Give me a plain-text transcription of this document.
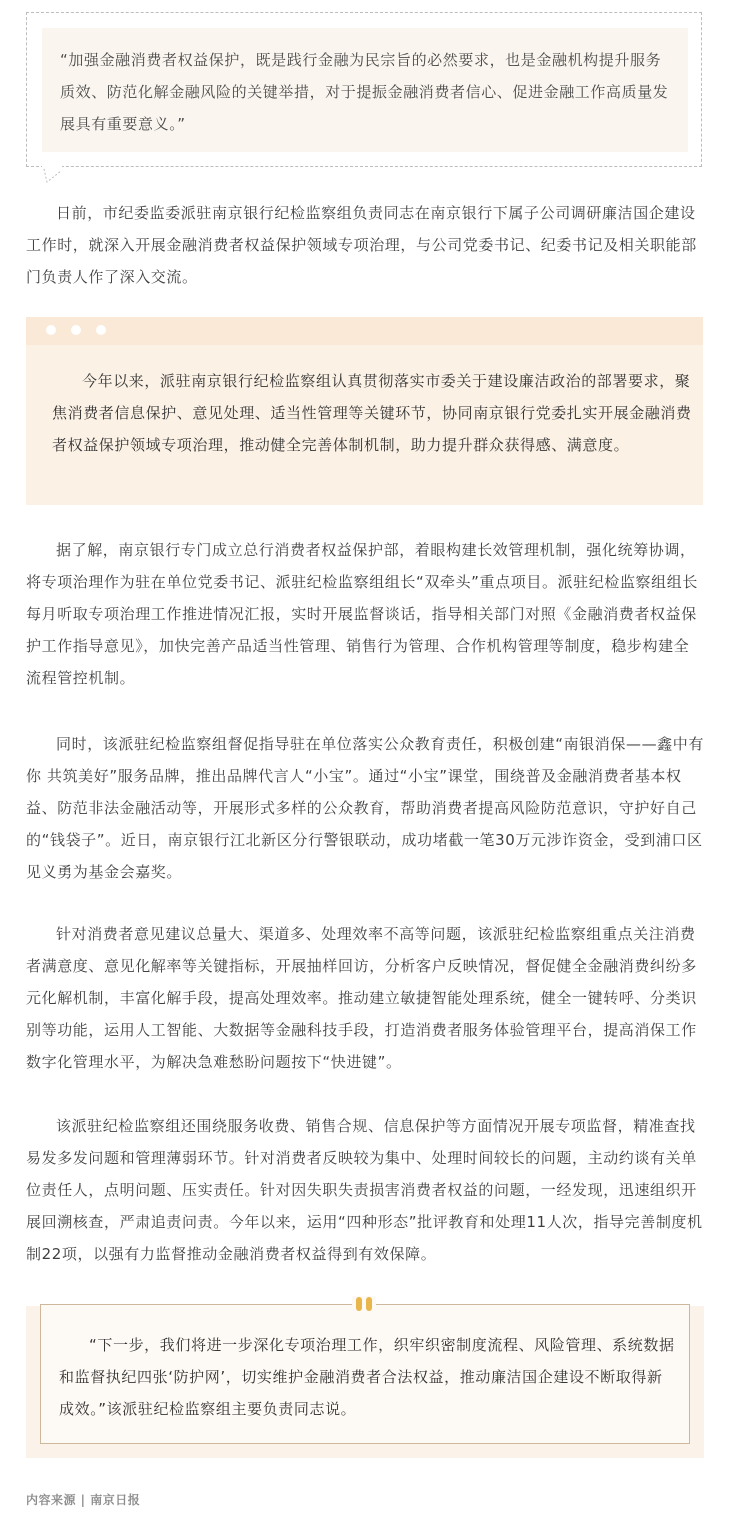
“加强金融消费者权益保护，既是践行金融为民宗旨的必然要求，也是金融机构提升服务质效、防范化解金融风险的关键举措，对于提振金融消费者信心、促进金融工作高质量发展具有重要意义。”

日前，市纪委监委派驻南京银行纪检监察组负责同志在南京银行下属子公司调研廉洁国企建设工作时，就深入开展金融消费者权益保护领域专项治理，与公司党委书记、纪委书记及相关职能部门负责人作了深入交流。

今年以来，派驻南京银行纪检监察组认真贯彻落实市委关于建设廉洁政治的部署要求，聚焦消费者信息保护、意见处理、适当性管理等关键环节，协同南京银行党委扎实开展金融消费者权益保护领域专项治理，推动健全完善体制机制，助力提升群众获得感、满意度。

据了解，南京银行专门成立总行消费者权益保护部，着眼构建长效管理机制，强化统筹协调，将专项治理作为驻在单位党委书记、派驻纪检监察组组长“双牵头”重点项目。派驻纪检监察组组长每月听取专项治理工作推进情况汇报，实时开展监督谈话，指导相关部门对照《金融消费者权益保护工作指导意见》，加快完善产品适当性管理、销售行为管理、合作机构管理等制度，稳步构建全流程管控机制。

同时，该派驻纪检监察组督促指导驻在单位落实公众教育责任，积极创建“南银消保——鑫中有你 共筑美好”服务品牌，推出品牌代言人“小宝”。通过“小宝”课堂，围绕普及金融消费者基本权益、防范非法金融活动等，开展形式多样的公众教育，帮助消费者提高风险防范意识，守护好自己的“钱袋子”。近日，南京银行江北新区分行警银联动，成功堵截一笔30万元涉诈资金，受到浦口区见义勇为基金会嘉奖。

针对消费者意见建议总量大、渠道多、处理效率不高等问题，该派驻纪检监察组重点关注消费者满意度、意见化解率等关键指标，开展抽样回访，分析客户反映情况，督促健全金融消费纠纷多元化解机制，丰富化解手段，提高处理效率。推动建立敏捷智能处理系统，健全一键转呼、分类识别等功能，运用人工智能、大数据等金融科技手段，打造消费者服务体验管理平台，提高消保工作数字化管理水平，为解决急难愁盼问题按下“快进键”。

该派驻纪检监察组还围绕服务收费、销售合规、信息保护等方面情况开展专项监督，精准查找易发多发问题和管理薄弱环节。针对消费者反映较为集中、处理时间较长的问题，主动约谈有关单位责任人，点明问题、压实责任。针对因失职失责损害消费者权益的问题，一经发现，迅速组织开展回溯核查，严肃追责问责。今年以来，运用“四种形态”批评教育和处理11人次，指导完善制度机制22项，以强有力监督推动金融消费者权益得到有效保障。

“下一步，我们将进一步深化专项治理工作，织牢织密制度流程、风险管理、系统数据和监督执纪四张‘防护网’，切实维护金融消费者合法权益，推动廉洁国企建设不断取得新成效。”该派驻纪检监察组主要负责同志说。

内容来源 | 南京日报
